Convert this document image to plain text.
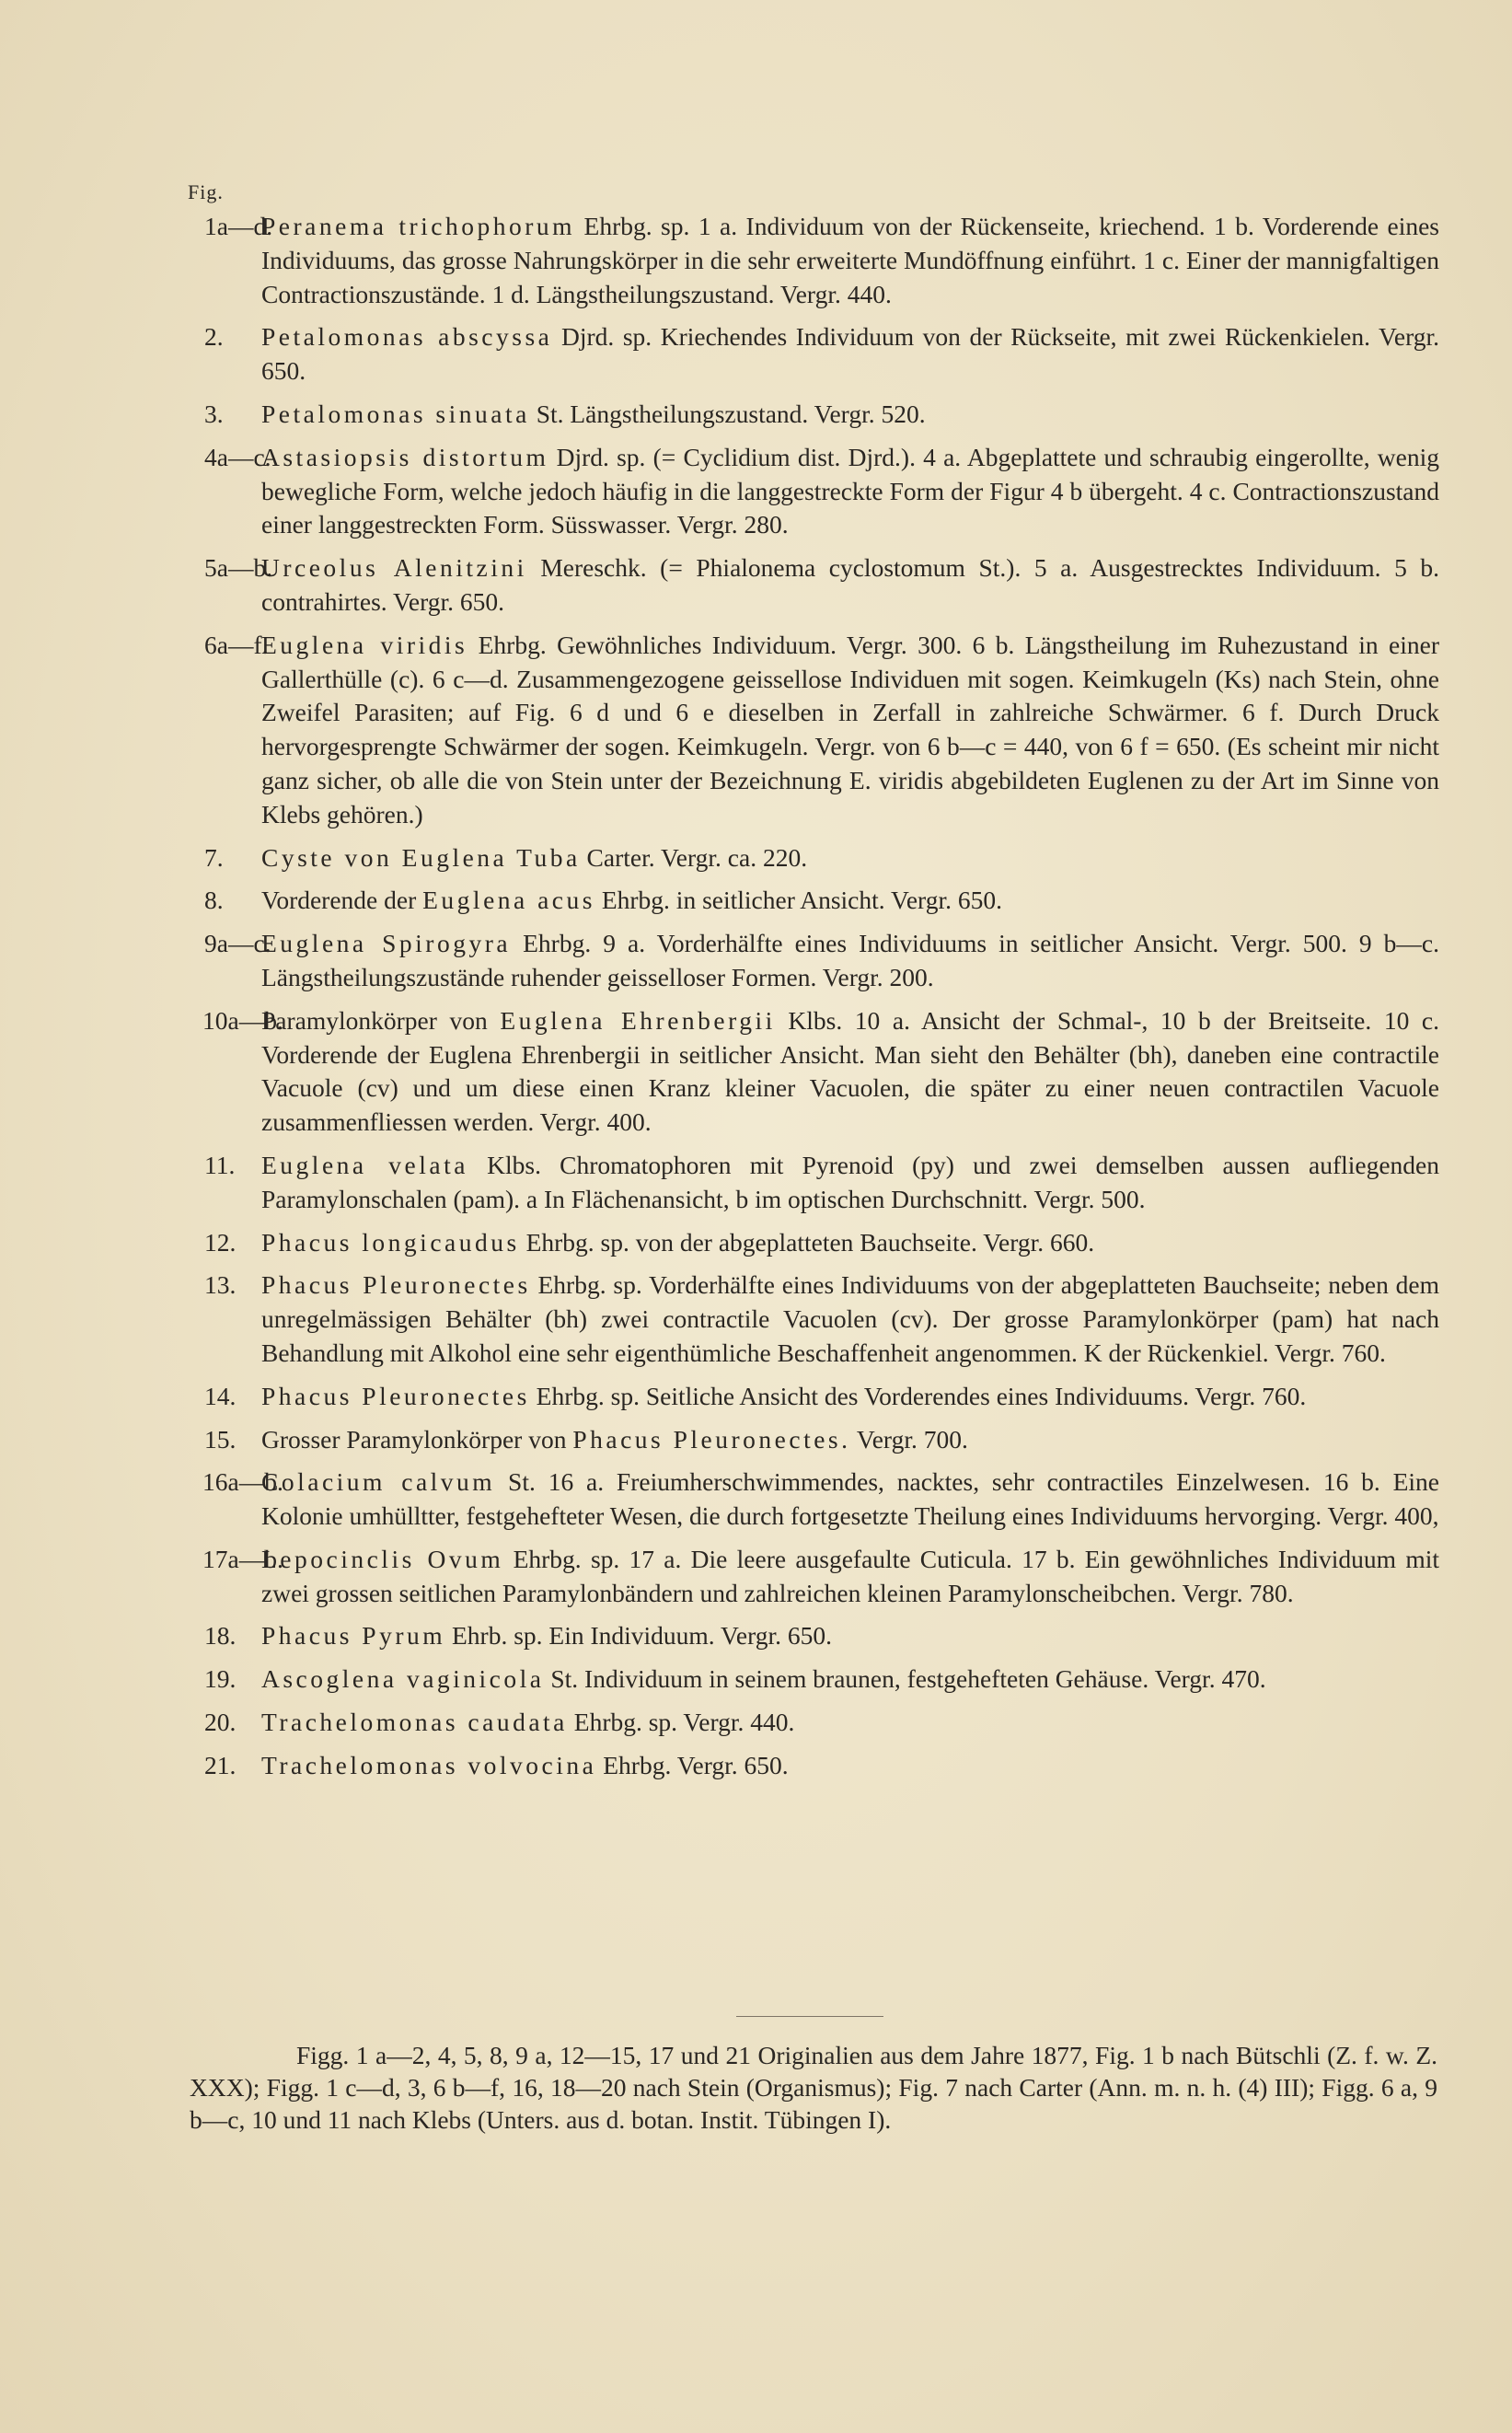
Fig.
1a—d.
Peranema trichophorum Ehrbg. sp. 1 a. Individuum von der Rückenseite, kriechend. 1 b. Vorderende eines Individuums, das grosse Nahrungskörper in die sehr erweiterte Mundöffnung einführt. 1 c. Einer der mannigfaltigen Contractionszustände. 1 d. Längstheilungszustand. Vergr. 440.
2. Petalomonas abscyssa Djrd. sp. Kriechendes Individuum von der Rückseite, mit zwei Rückenkielen. Vergr. 650.
3. Petalomonas sinuata St. Längstheilungszustand. Vergr. 520.
4a—c.
Astasiopsis distortum Djrd. sp. (= Cyclidium dist. Djrd.). 4 a. Abgeplattete und schraubig eingerollte, wenig bewegliche Form, welche jedoch häufig in die langgestreckte Form der Figur 4 b übergeht. 4 c. Contractionszustand einer langgestreckten Form. Süsswasser. Vergr. 280.
5a—b.
Urceolus Alenitzini Mereschk. (= Phialonema cyclostomum St.). 5 a. Ausgestrecktes Individuum. 5 b. contrahirtes. Vergr. 650.
6a—f.
Euglena viridis Ehrbg. Gewöhnliches Individuum. Vergr. 300. 6 b. Längstheilung im Ruhezustand in einer Gallerthülle (c). 6 c—d. Zusammengezogene geissellose Individuen mit sogen. Keimkugeln (Ks) nach Stein, ohne Zweifel Parasiten; auf Fig. 6 d und 6 e dieselben in Zerfall in zahlreiche Schwärmer. 6 f. Durch Druck hervorgesprengte Schwärmer der sogen. Keimkugeln. Vergr. von 6 b—c = 440, von 6 f = 650. (Es scheint mir nicht ganz sicher, ob alle die von Stein unter der Bezeichnung E. viridis abgebildeten Euglenen zu der Art im Sinne von Klebs gehören.)
7. Cyste von Euglena Tuba Carter. Vergr. ca. 220.
8. Vorderende der Euglena acus Ehrbg. in seitlicher Ansicht. Vergr. 650.
9a—c.
Euglena Spirogyra Ehrbg. 9 a. Vorderhälfte eines Individuums in seitlicher Ansicht. Vergr. 500. 9 b—c. Längstheilungszustände ruhender geisselloser Formen. Vergr. 200.
10a—b.
Paramylonkörper von Euglena Ehrenbergii Klbs. 10 a. Ansicht der Schmal-, 10 b der Breitseite. 10 c. Vorderende der Euglena Ehrenbergii in seitlicher Ansicht. Man sieht den Behälter (bh), daneben eine contractile Vacuole (cv) und um diese einen Kranz kleiner Vacuolen, die später zu einer neuen contractilen Vacuole zusammenfliessen werden. Vergr. 400.
11. Euglena velata Klbs. Chromatophoren mit Pyrenoid (py) und zwei demselben aussen aufliegenden Paramylonschalen (pam). a In Flächenansicht, b im optischen Durchschnitt. Vergr. 500.
12. Phacus longicaudus Ehrbg. sp. von der abgeplatteten Bauchseite. Vergr. 660.
13. Phacus Pleuronectes Ehrbg. sp. Vorderhälfte eines Individuums von der abgeplatteten Bauchseite; neben dem unregelmässigen Behälter (bh) zwei contractile Vacuolen (cv). Der grosse Paramylonkörper (pam) hat nach Behandlung mit Alkohol eine sehr eigenthümliche Beschaffenheit angenommen. K der Rückenkiel. Vergr. 760.
14. Phacus Pleuronectes Ehrbg. sp. Seitliche Ansicht des Vorderendes eines Individuums. Vergr. 760.
15. Grosser Paramylonkörper von Phacus Pleuronectes. Vergr. 700.
16a—b.
Colacium calvum St. 16 a. Freiumherschwimmendes, nacktes, sehr contractiles Einzelwesen. 16 b. Eine Kolonie umhülltter, festgehefteter Wesen, die durch fortgesetzte Theilung eines Individuums hervorging. Vergr. 400,
17a—b.
Lepocinclis Ovum Ehrbg. sp. 17 a. Die leere ausgefaulte Cuticula. 17 b. Ein gewöhnliches Individuum mit zwei grossen seitlichen Paramylonbändern und zahlreichen kleinen Paramylonscheibchen. Vergr. 780.
18. Phacus Pyrum Ehrb. sp. Ein Individuum. Vergr. 650.
19. Ascoglena vaginicola St. Individuum in seinem braunen, festgehefteten Gehäuse. Vergr. 470.
20. Trachelomonas caudata Ehrbg. sp. Vergr. 440.
21. Trachelomonas volvocina Ehrbg. Vergr. 650.
Figg. 1 a—2, 4, 5, 8, 9 a, 12—15, 17 und 21 Originalien aus dem Jahre 1877, Fig. 1 b nach Bütschli (Z. f. w. Z. XXX); Figg. 1 c—d, 3, 6 b—f, 16, 18—20 nach Stein (Organismus); Fig. 7 nach Carter (Ann. m. n. h. (4) III); Figg. 6 a, 9 b—c, 10 und 11 nach Klebs (Unters. aus d. botan. Instit. Tübingen I).
